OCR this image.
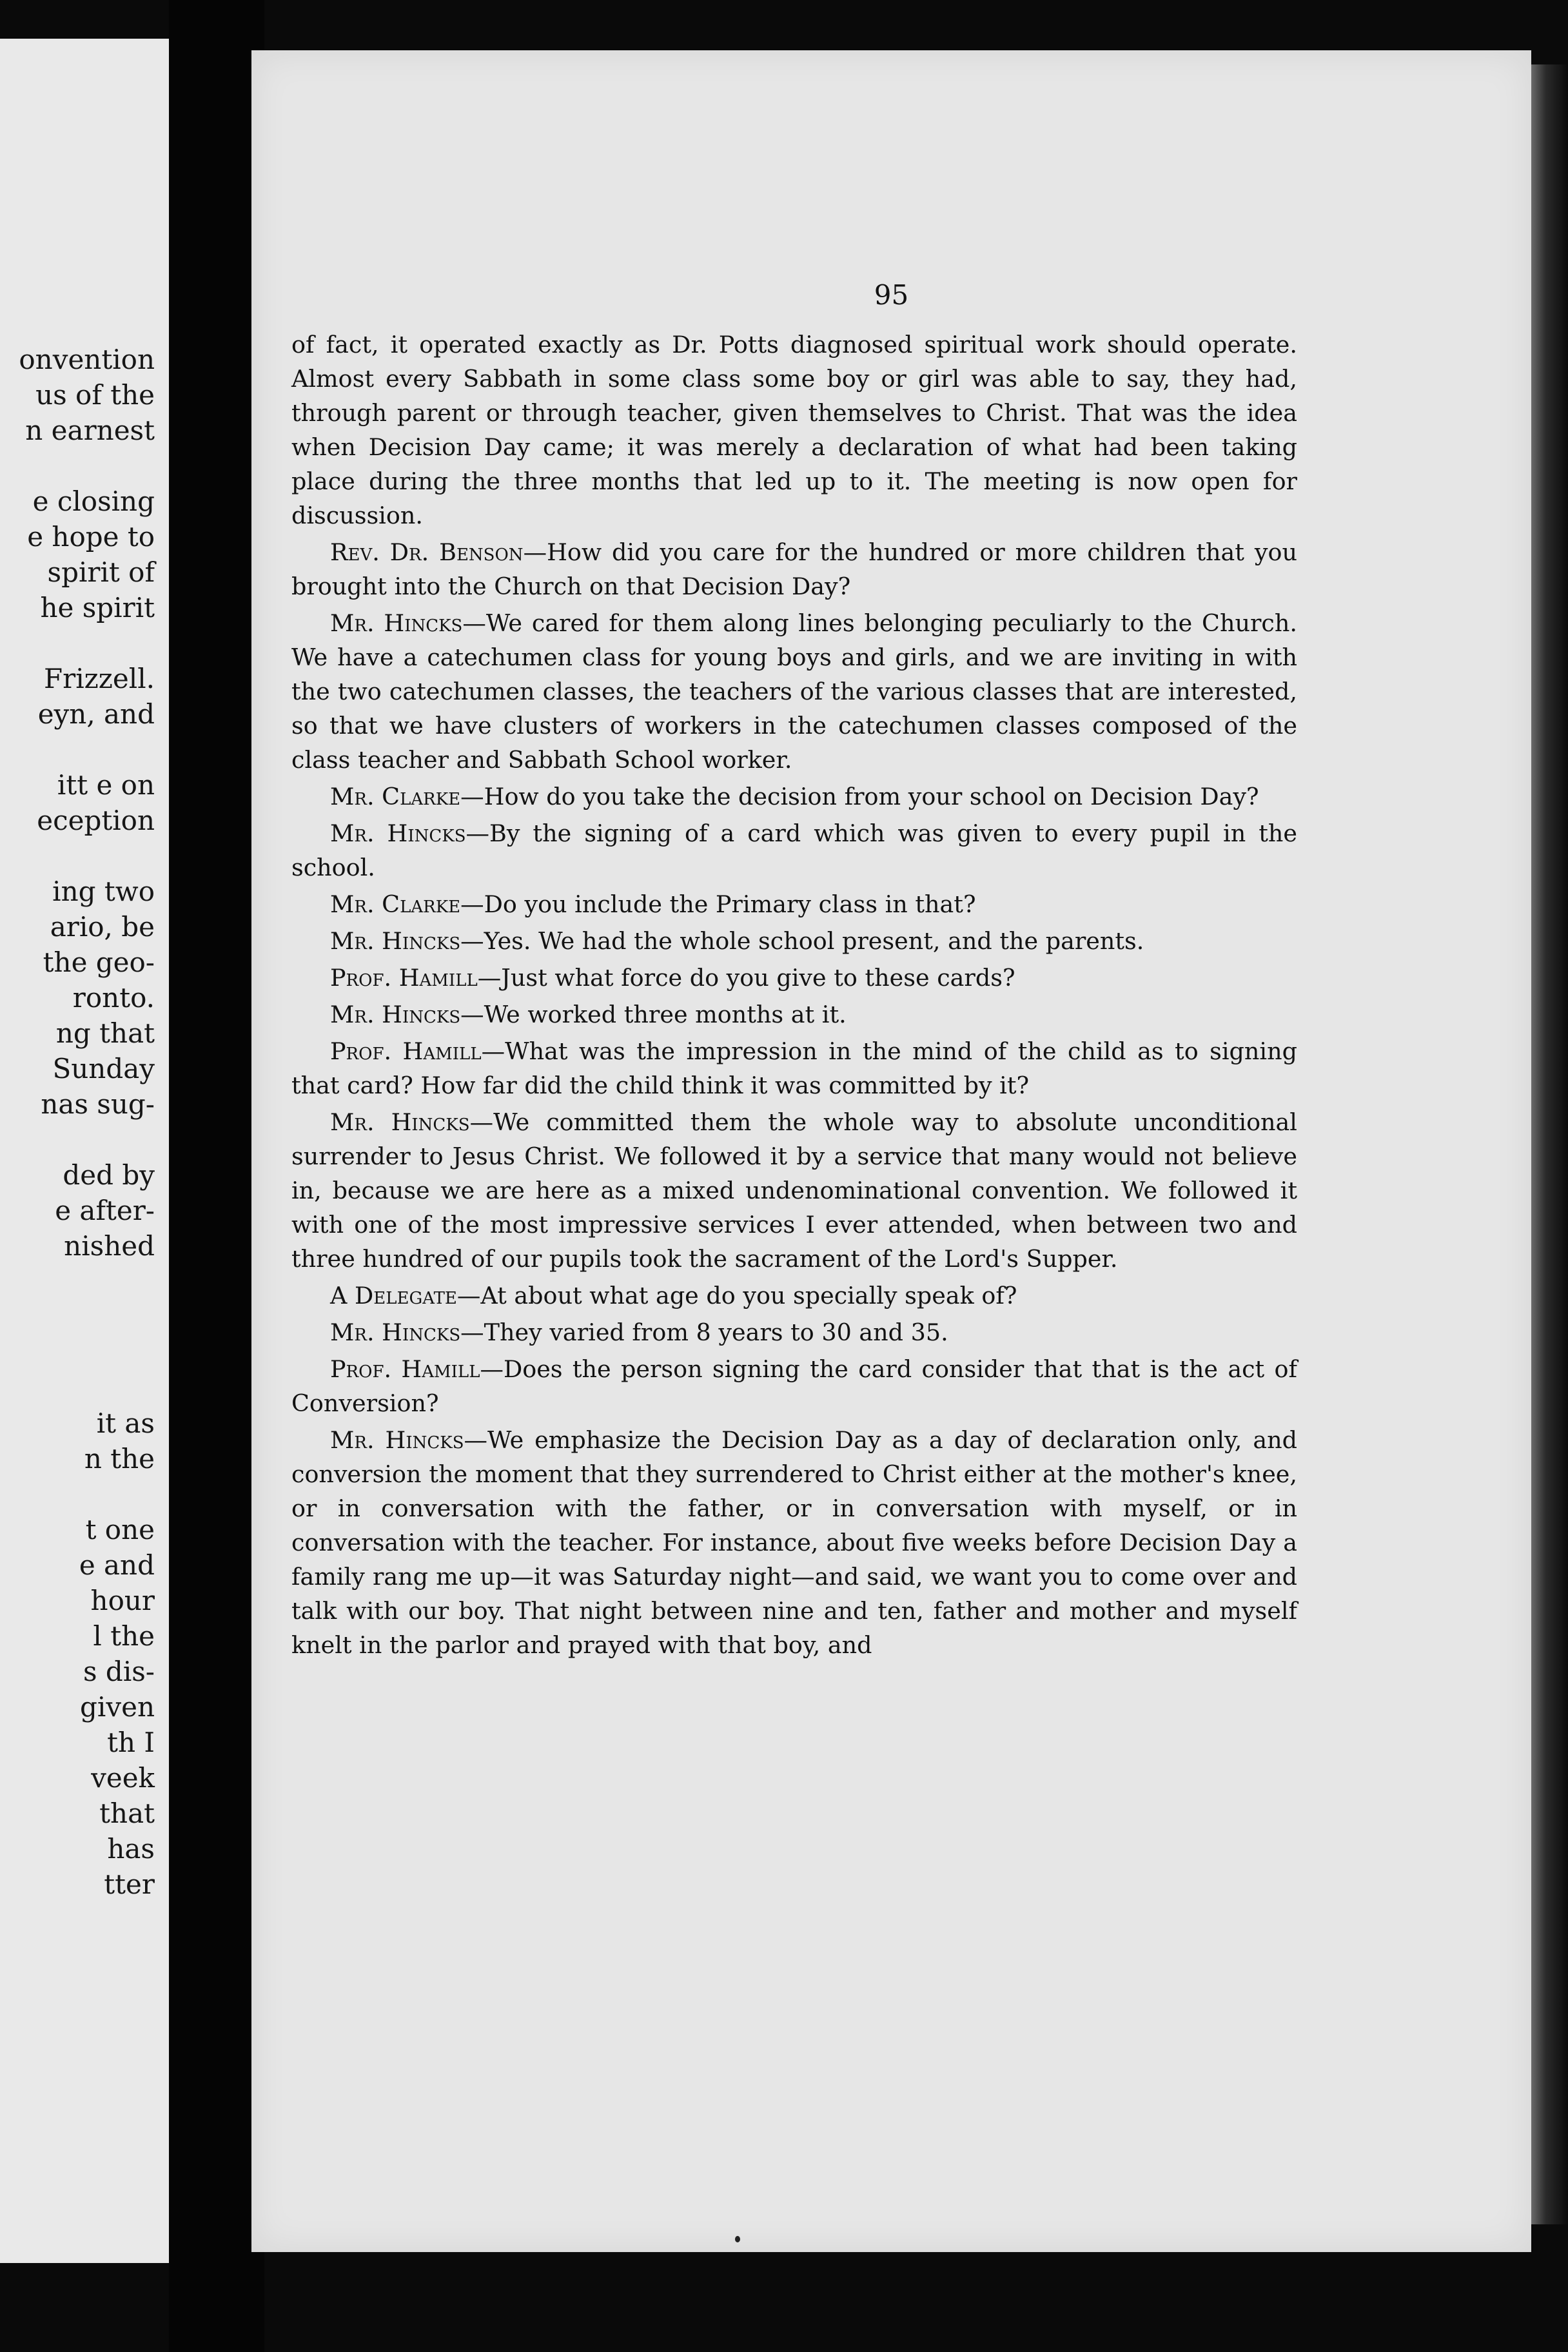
onvention
us of the
n earnest

e closing
e hope to
spirit of
he spirit

Frizzell.
eyn, and

itt e on
eception

ing two
ario, be
the geo-
ronto.
ng that
Sunday
nas sug-

ded by
e after-
nished

it as
n the

t one
e and
hour
l the
s dis-
given
th I
veek
that
has
tter
95

of fact, it operated exactly as Dr. Potts diagnosed spiritual work should operate. Almost every Sabbath in some class some boy or girl was able to say, they had, through parent or through teacher, given themselves to Christ. That was the idea when Decision Day came; it was merely a declaration of what had been taking place during the three months that led up to it. The meeting is now open for discussion.

Rev. Dr. Benson—How did you care for the hundred or more children that you brought into the Church on that Decision Day?

Mr. Hincks—We cared for them along lines belonging peculiarly to the Church. We have a catechumen class for young boys and girls, and we are inviting in with the two catechumen classes, the teachers of the various classes that are interested, so that we have clusters of workers in the catechumen classes composed of the class teacher and Sabbath School worker.

Mr. Clarke—How do you take the decision from your school on Decision Day?

Mr. Hincks—By the signing of a card which was given to every pupil in the school.

Mr. Clarke—Do you include the Primary class in that?

Mr. Hincks—Yes. We had the whole school present, and the parents.

Prof. Hamill—Just what force do you give to these cards?

Mr. Hincks—We worked three months at it.

Prof. Hamill—What was the impression in the mind of the child as to signing that card? How far did the child think it was committed by it?

Mr. Hincks—We committed them the whole way to absolute unconditional surrender to Jesus Christ. We followed it by a service that many would not believe in, because we are here as a mixed undenominational convention. We followed it with one of the most impressive services I ever attended, when between two and three hundred of our pupils took the sacrament of the Lord's Supper.

A Delegate—At about what age do you specially speak of?

Mr. Hincks—They varied from 8 years to 30 and 35.

Prof. Hamill—Does the person signing the card consider that that is the act of Conversion?

Mr. Hincks—We emphasize the Decision Day as a day of declaration only, and conversion the moment that they surrendered to Christ either at the mother's knee, or in conversation with the father, or in conversation with myself, or in conversation with the teacher. For instance, about five weeks before Decision Day a family rang me up—it was Saturday night—and said, we want you to come over and talk with our boy. That night between nine and ten, father and mother and myself knelt in the parlor and prayed with that boy, and
